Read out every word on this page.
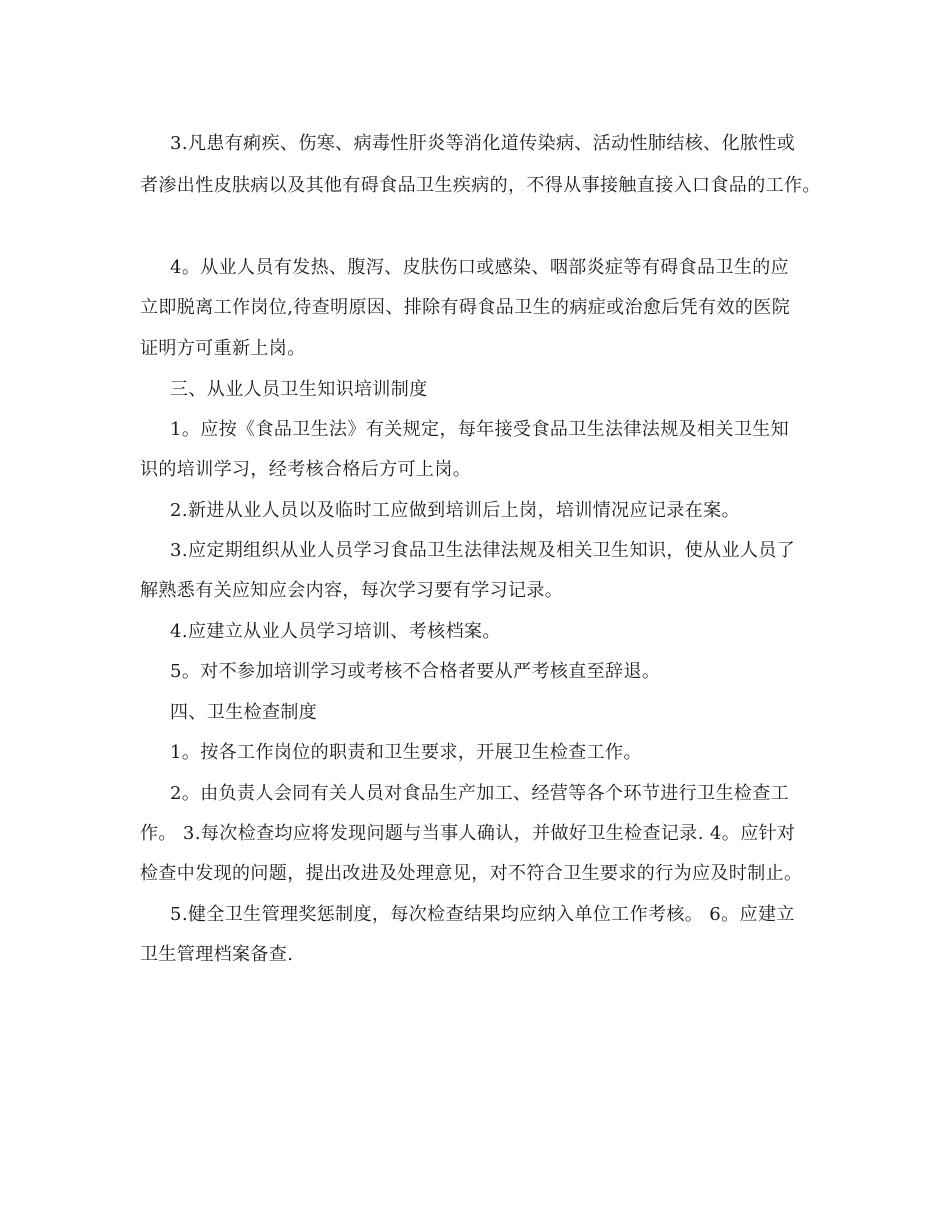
3.凡患有痢疾、伤寒、病毒性肝炎等消化道传染病、活动性肺结核、化脓性或
者渗出性皮肤病以及其他有碍食品卫生疾病的，不得从事接触直接入口食品的工作。
4。从业人员有发热、腹泻、皮肤伤口或感染、咽部炎症等有碍食品卫生的应
立即脱离工作岗位,待查明原因、排除有碍食品卫生的病症或治愈后凭有效的医院
证明方可重新上岗。
三、从业人员卫生知识培训制度
1。应按《食品卫生法》有关规定，每年接受食品卫生法律法规及相关卫生知
识的培训学习，经考核合格后方可上岗。
2.新进从业人员以及临时工应做到培训后上岗，培训情况应记录在案。
3.应定期组织从业人员学习食品卫生法律法规及相关卫生知识，使从业人员了
解熟悉有关应知应会内容，每次学习要有学习记录。
4.应建立从业人员学习培训、考核档案。
5。对不参加培训学习或考核不合格者要从严考核直至辞退。
四、卫生检查制度
1。按各工作岗位的职责和卫生要求，开展卫生检查工作。
2。由负责人会同有关人员对食品生产加工、经营等各个环节进行卫生检查工
作。 3.每次检查均应将发现问题与当事人确认，并做好卫生检查记录. 4。应针对
检查中发现的问题，提出改进及处理意见，对不符合卫生要求的行为应及时制止。
5.健全卫生管理奖惩制度，每次检查结果均应纳入单位工作考核。 6。应建立
卫生管理档案备查.
